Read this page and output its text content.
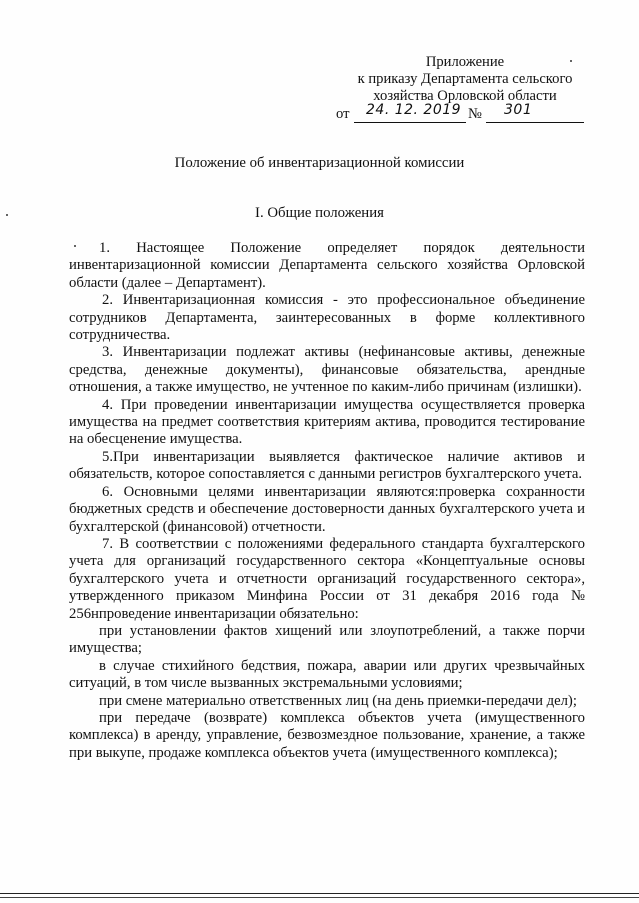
Приложение
к приказу Департамента сельского
хозяйства Орловской области
от 24. 12. 2019 № 301
Положение об инвентаризационной комиссии
I. Общие положения

1. Настоящее Положение определяет порядок деятельности инвентаризационной комиссии Департамента сельского хозяйства Орловской области (далее – Департамент).

2. Инвентаризационная комиссия - это профессиональное объединение сотрудников Департамента, заинтересованных в форме коллективного сотрудничества.

3. Инвентаризации подлежат активы (нефинансовые активы, денежные средства, денежные документы), финансовые обязательства, арендные отношения, а также имущество, не учтенное по каким-либо причинам (излишки).

4. При проведении инвентаризации имущества осуществляется проверка имущества на предмет соответствия критериям актива, проводится тестирование на обесценение имущества.

5.При инвентаризации выявляется фактическое наличие активов и обязательств, которое сопоставляется с данными регистров бухгалтерского учета.

6. Основными целями инвентаризации являются:проверка сохранности бюджетных средств и обеспечение достоверности данных бухгалтерского учета и бухгалтерской (финансовой) отчетности.

7. В соответствии с положениями федерального стандарта бухгалтерского учета для организаций государственного сектора «Концептуальные основы бухгалтерского учета и отчетности организаций государственного сектора», утвержденного приказом Минфина России от 31 декабря 2016 года № 256нпроведение инвентаризации обязательно:

при установлении фактов хищений или злоупотреблений, а также порчи имущества;

в случае стихийного бедствия, пожара, аварии или других чрезвычайных ситуаций, в том числе вызванных экстремальными условиями;

при смене материально ответственных лиц (на день приемки-передачи дел);

при передаче (возврате) комплекса объектов учета (имущественного комплекса) в аренду, управление, безвозмездное пользование, хранение, а также при выкупе, продаже комплекса объектов учета (имущественного комплекса);
